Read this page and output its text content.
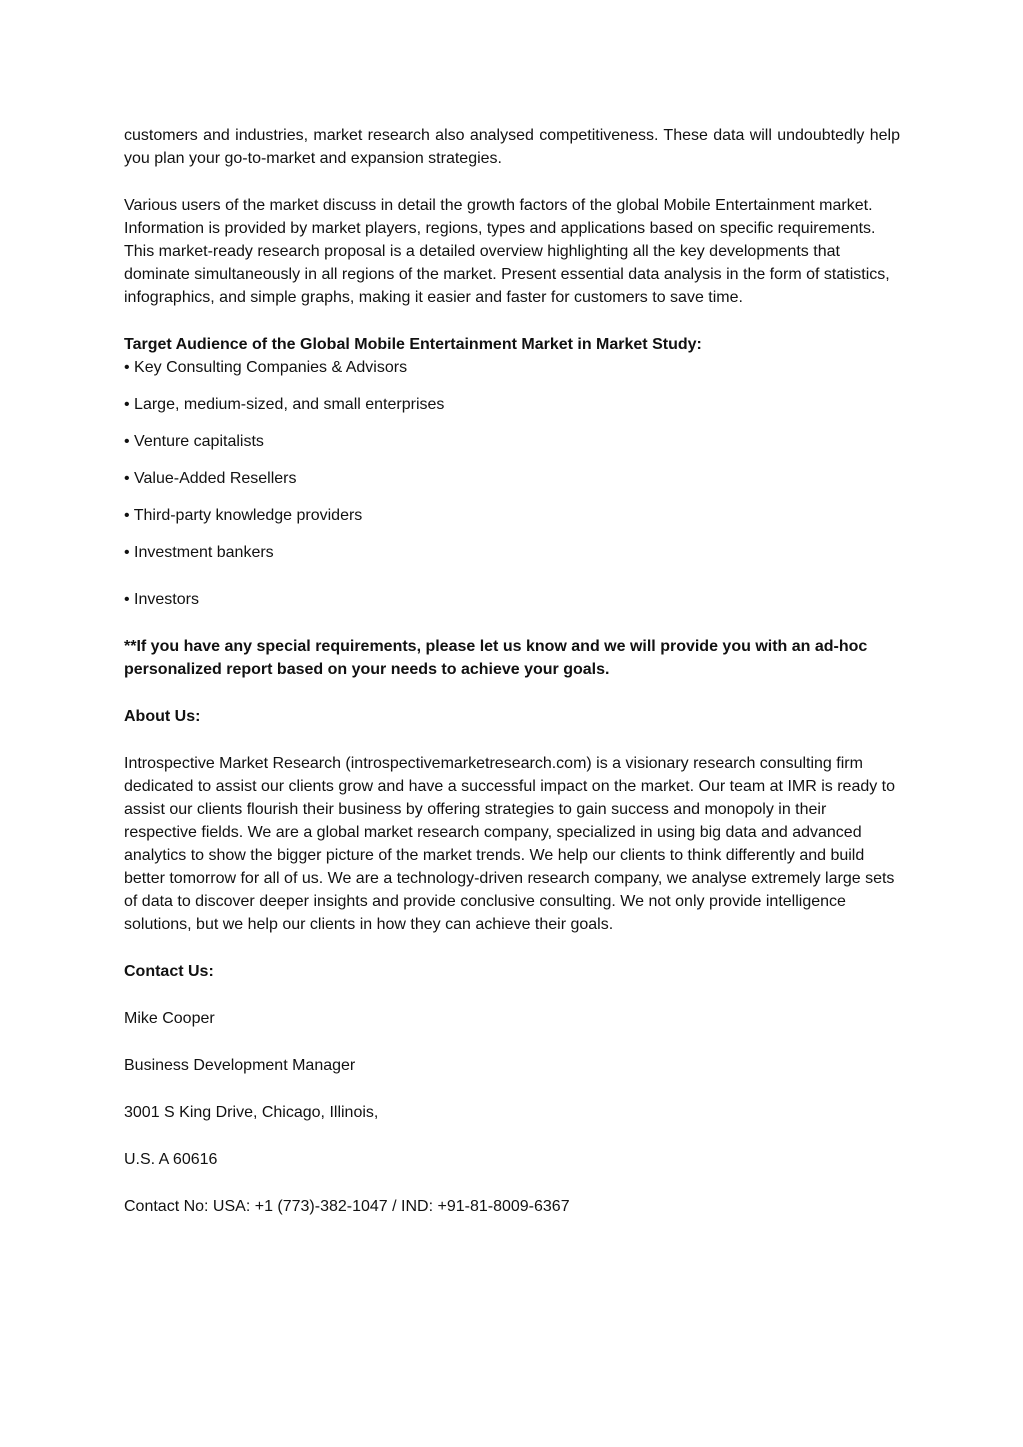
customers and industries, market research also analysed competitiveness. These data will undoubtedly help you plan your go-to-market and expansion strategies.

Various users of the market discuss in detail the growth factors of the global Mobile Entertainment market. Information is provided by market players, regions, types and applications based on specific requirements. This market-ready research proposal is a detailed overview highlighting all the key developments that dominate simultaneously in all regions of the market. Present essential data analysis in the form of statistics, infographics, and simple graphs, making it easier and faster for customers to save time.

Target Audience of the Global Mobile Entertainment Market in Market Study:

• Key Consulting Companies & Advisors
• Large, medium-sized, and small enterprises
• Venture capitalists
• Value-Added Resellers
• Third-party knowledge providers
• Investment bankers
• Investors

**If you have any special requirements, please let us know and we will provide you with an ad-hoc personalized report based on your needs to achieve your goals.

About Us:

Introspective Market Research (introspectivemarketresearch.com) is a visionary research consulting firm dedicated to assist our clients grow and have a successful impact on the market. Our team at IMR is ready to assist our clients flourish their business by offering strategies to gain success and monopoly in their respective fields. We are a global market research company, specialized in using big data and advanced analytics to show the bigger picture of the market trends. We help our clients to think differently and build better tomorrow for all of us. We are a technology-driven research company, we analyse extremely large sets of data to discover deeper insights and provide conclusive consulting. We not only provide intelligence solutions, but we help our clients in how they can achieve their goals.

Contact Us:

Mike Cooper

Business Development Manager

3001 S King Drive, Chicago, Illinois,

U.S. A 60616

Contact No: USA: +1 (773)-382-1047 / IND: +91-81-8009-6367
